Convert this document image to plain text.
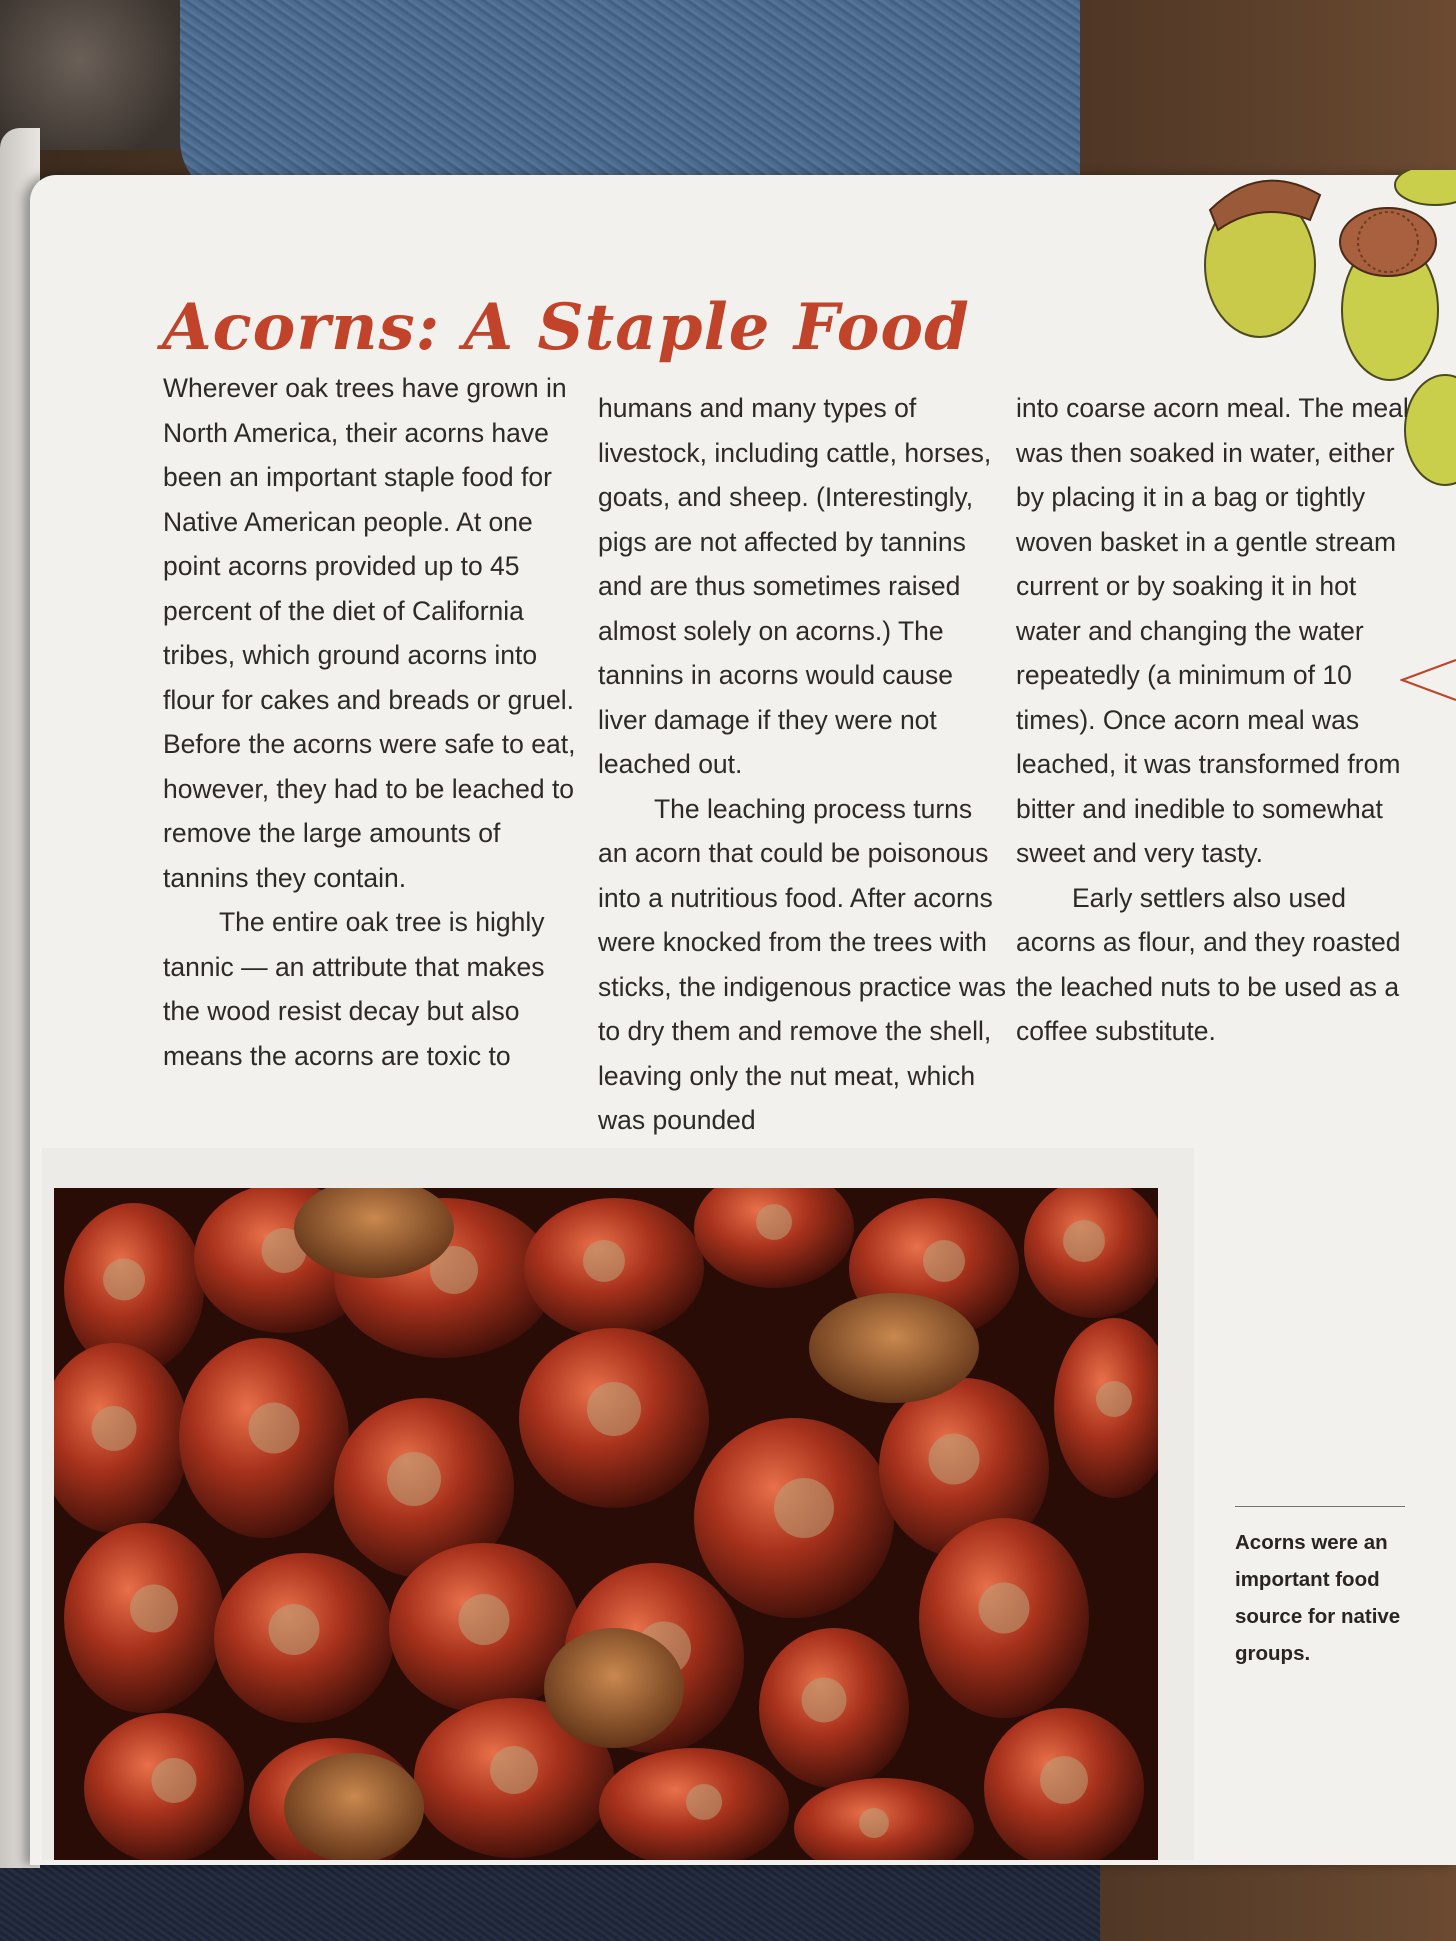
Acorns: A Staple Food

Wherever oak trees have grown in North America, their acorns have been an important staple food for Native American people. At one point acorns provided up to 45 percent of the diet of California tribes, which ground acorns into flour for cakes and breads or gruel. Before the acorns were safe to eat, however, they had to be leached to remove the large amounts of tannins they contain.

The entire oak tree is highly tannic — an attribute that makes the wood resist decay but also means the acorns are toxic to

humans and many types of livestock, including cattle, horses, goats, and sheep. (Interestingly, pigs are not affected by tannins and are thus sometimes raised almost solely on acorns.) The tannins in acorns would cause liver damage if they were not leached out.

The leaching process turns an acorn that could be poisonous into a nutritious food. After acorns were knocked from the trees with sticks, the indigenous practice was to dry them and remove the shell, leaving only the nut meat, which was pounded

into coarse acorn meal. The meal was then soaked in water, either by placing it in a bag or tightly woven basket in a gentle stream current or by soaking it in hot water and changing the water repeatedly (a minimum of 10 times). Once acorn meal was leached, it was transformed from bitter and inedible to somewhat sweet and very tasty.

Early settlers also used acorns as flour, and they roasted the leached nuts to be used as a coffee substitute.

Acorns were an important food source for native groups.
